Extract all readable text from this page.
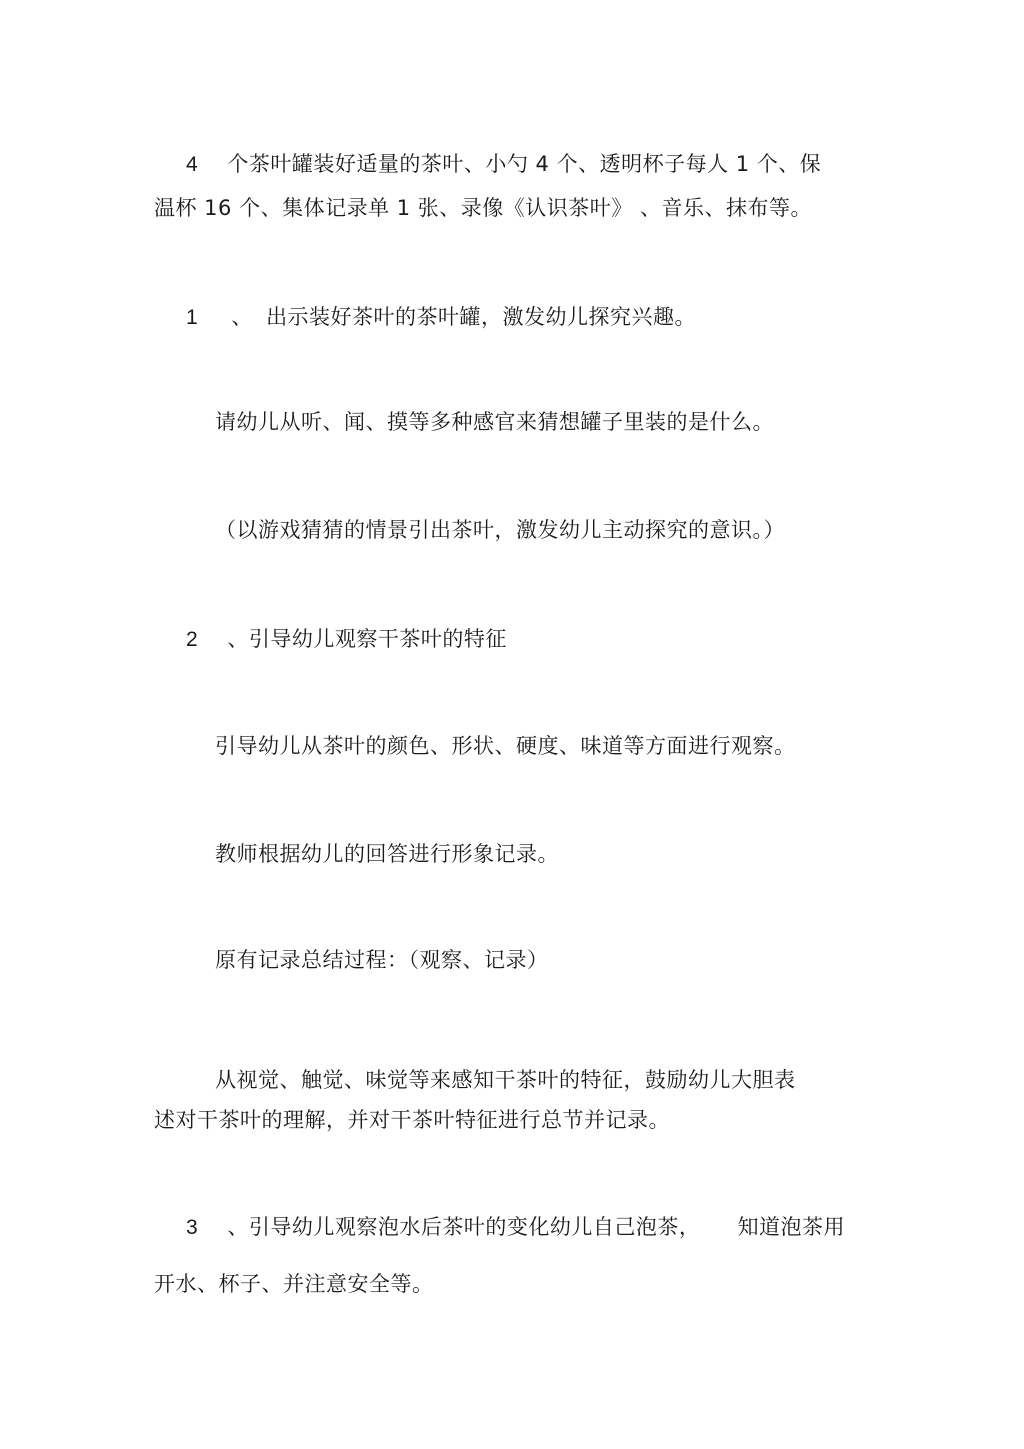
4 个茶叶罐装好适量的茶叶、小勺 4 个、透明杯子每人 1 个、保

温杯 16 个、集体记录单 1 张、录像《认识茶叶》 、音乐、抹布等。

1 、 出示装好茶叶的茶叶罐，激发幼儿探究兴趣。

请幼儿从听、闻、摸等多种感官来猜想罐子里装的是什么。

（以游戏猜猜的情景引出茶叶，激发幼儿主动探究的意识。）

2 、引导幼儿观察干茶叶的特征

引导幼儿从茶叶的颜色、形状、硬度、味道等方面进行观察。

教师根据幼儿的回答进行形象记录。

原有记录总结过程：（观察、记录）

从视觉、触觉、味觉等来感知干茶叶的特征，鼓励幼儿大胆表

述对干茶叶的理解，并对干茶叶特征进行总节并记录。

3 、引导幼儿观察泡水后茶叶的变化幼儿自己泡茶， 知道泡茶用

开水、杯子、并注意安全等。
